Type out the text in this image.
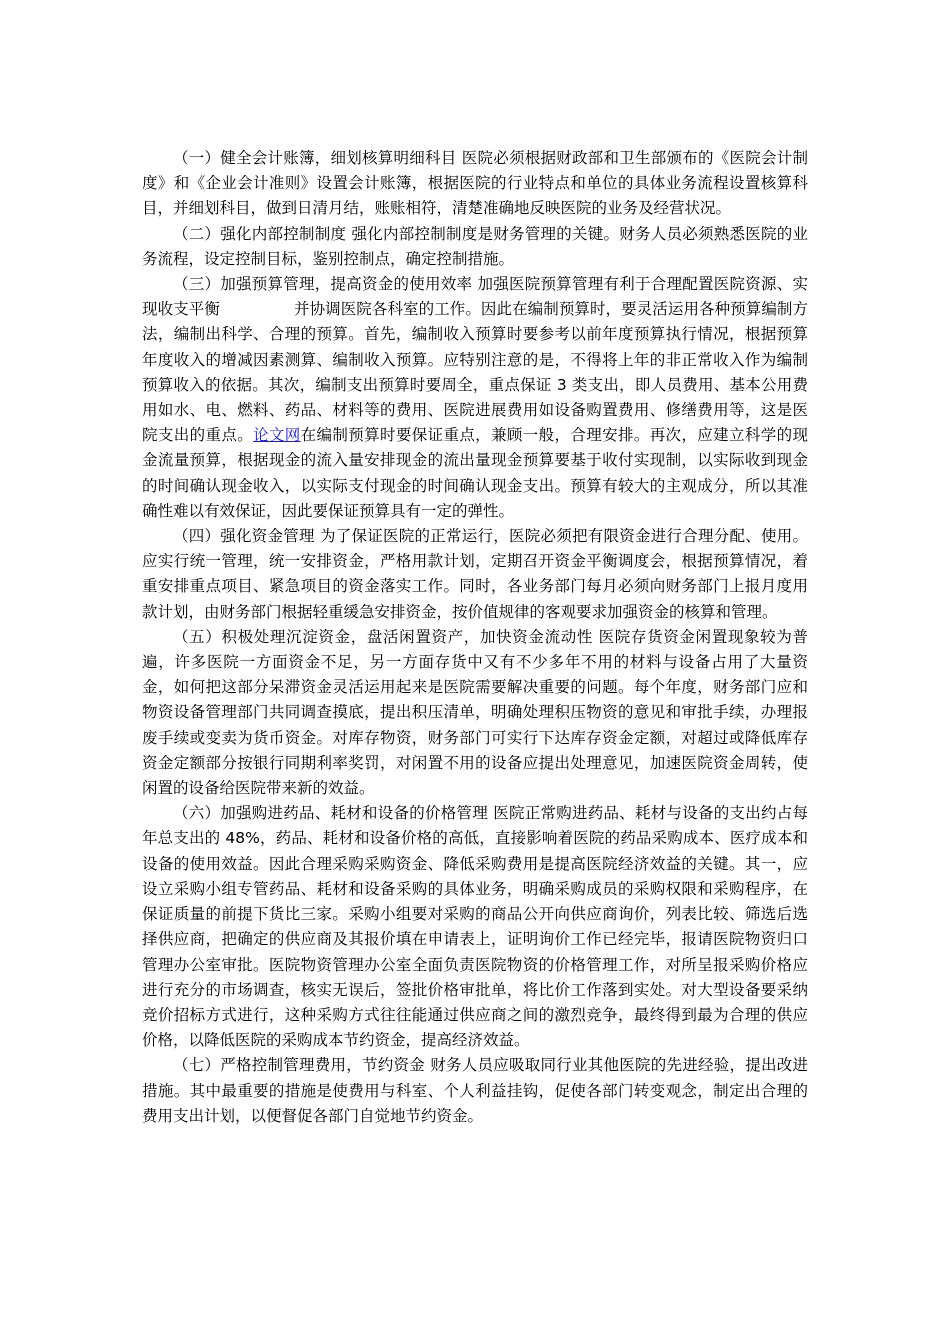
（一）健全会计账簿，细划核算明细科目 医院必须根据财政部和卫生部颁布的《医院会计制度》和《企业会计准则》设置会计账簿，根据医院的行业特点和单位的具体业务流程设置核算科目，并细划科目，做到日清月结，账账相符，清楚准确地反映医院的业务及经营状况。

（二）强化内部控制制度 强化内部控制制度是财务管理的关键。财务人员必须熟悉医院的业务流程，设定控制目标，鉴别控制点，确定控制措施。

（三）加强预算管理，提高资金的使用效率 加强医院预算管理有利于合理配置医院资源、实现收支平衡	并协调医院各科室的工作。因此在编制预算时，要灵活运用各种预算编制方法，编制出科学、合理的预算。首先，编制收入预算时要参考以前年度预算执行情况，根据预算年度收入的增减因素测算、编制收入预算。应特别注意的是，不得将上年的非正常收入作为编制预算收入的依据。其次，编制支出预算时要周全，重点保证 3 类支出，即人员费用、基本公用费用如水、电、燃料、药品、材料等的费用、医院进展费用如设备购置费用、修缮费用等，这是医院支出的重点。论文网在编制预算时要保证重点，兼顾一般，合理安排。再次，应建立科学的现金流量预算，根据现金的流入量安排现金的流出量现金预算要基于收付实现制，以实际收到现金的时间确认现金收入，以实际支付现金的时间确认现金支出。预算有较大的主观成分，所以其准确性难以有效保证，因此要保证预算具有一定的弹性。

（四）强化资金管理 为了保证医院的正常运行，医院必须把有限资金进行合理分配、使用。应实行统一管理，统一安排资金，严格用款计划，定期召开资金平衡调度会，根据预算情况，着重安排重点项目、紧急项目的资金落实工作。同时，各业务部门每月必须向财务部门上报月度用款计划，由财务部门根据轻重缓急安排资金，按价值规律的客观要求加强资金的核算和管理。

（五）积极处理沉淀资金，盘活闲置资产，加快资金流动性 医院存货资金闲置现象较为普遍，许多医院一方面资金不足，另一方面存货中又有不少多年不用的材料与设备占用了大量资金，如何把这部分呆滞资金灵活运用起来是医院需要解决重要的问题。每个年度，财务部门应和物资设备管理部门共同调查摸底，提出积压清单，明确处理积压物资的意见和审批手续，办理报废手续或变卖为货币资金。对库存物资，财务部门可实行下达库存资金定额，对超过或降低库存资金定额部分按银行同期利率奖罚，对闲置不用的设备应提出处理意见，加速医院资金周转，使闲置的设备给医院带来新的效益。

（六）加强购进药品、耗材和设备的价格管理 医院正常购进药品、耗材与设备的支出约占每年总支出的 48%，药品、耗材和设备价格的高低，直接影响着医院的药品采购成本、医疗成本和设备的使用效益。因此合理采购采购资金、降低采购费用是提高医院经济效益的关键。其一，应设立采购小组专管药品、耗材和设备采购的具体业务，明确采购成员的采购权限和采购程序，在保证质量的前提下货比三家。采购小组要对采购的商品公开向供应商询价，列表比较、筛选后选择供应商，把确定的供应商及其报价填在申请表上，证明询价工作已经完毕，报请医院物资归口管理办公室审批。医院物资管理办公室全面负责医院物资的价格管理工作，对所呈报采购价格应进行充分的市场调查，核实无误后，签批价格审批单，将比价工作落到实处。对大型设备要采纳竞价招标方式进行，这种采购方式往往能通过供应商之间的激烈竞争，最终得到最为合理的供应价格，以降低医院的采购成本节约资金，提高经济效益。

（七）严格控制管理费用，节约资金 财务人员应吸取同行业其他医院的先进经验，提出改进措施。其中最重要的措施是使费用与科室、个人利益挂钩，促使各部门转变观念，制定出合理的费用支出计划，以便督促各部门自觉地节约资金。
